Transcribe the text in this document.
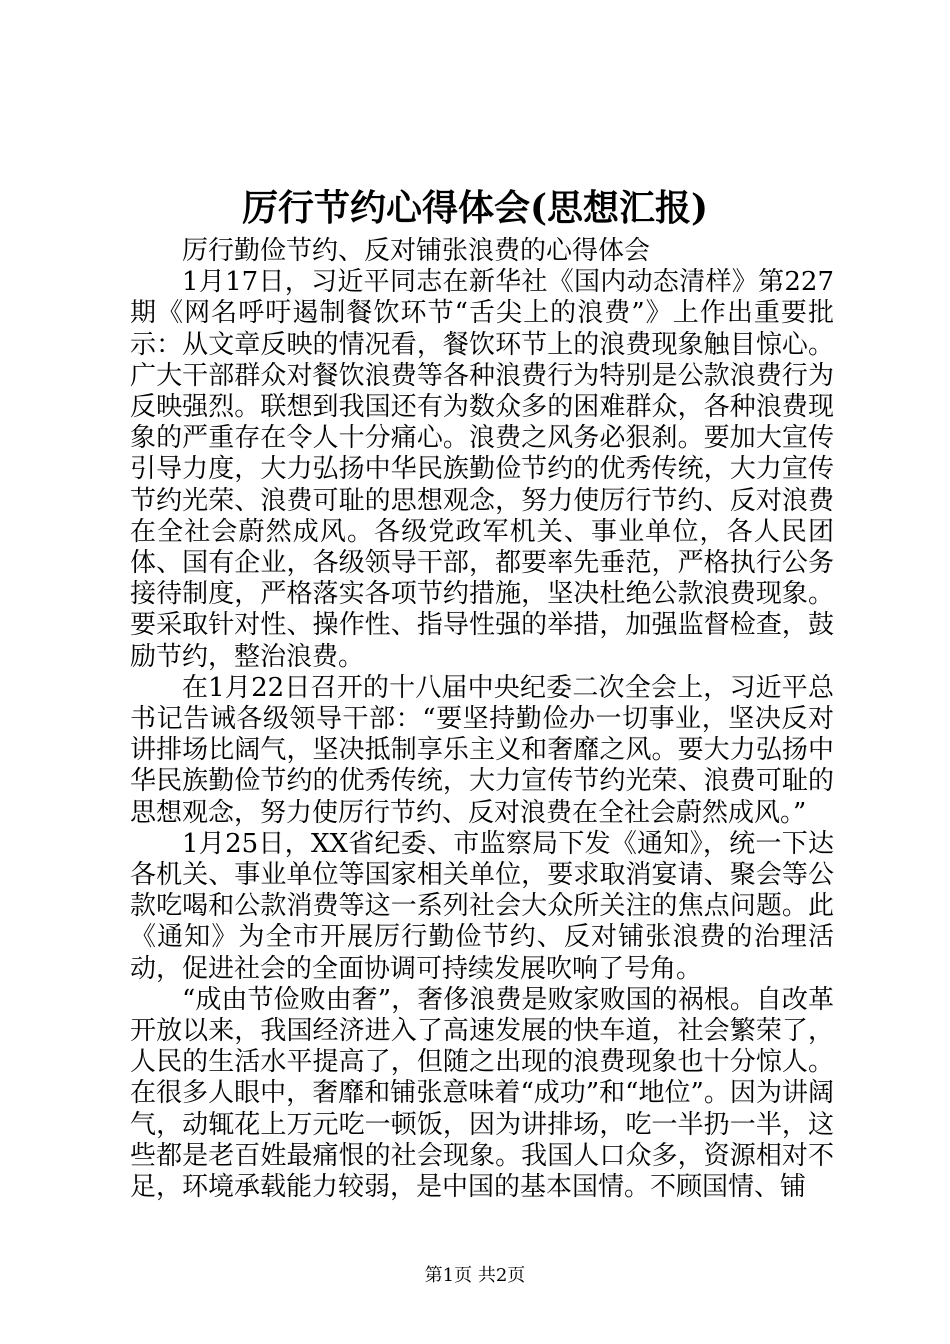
厉行节约心得体会(思想汇报)

厉行勤俭节约、反对铺张浪费的心得体会

1月17日，习近平同志在新华社《国内动态清样》第227期《网名呼吁遏制餐饮环节“舌尖上的浪费”》上作出重要批示：从文章反映的情况看，餐饮环节上的浪费现象触目惊心。广大干部群众对餐饮浪费等各种浪费行为特别是公款浪费行为反映强烈。联想到我国还有为数众多的困难群众，各种浪费现象的严重存在令人十分痛心。浪费之风务必狠刹。要加大宣传引导力度，大力弘扬中华民族勤俭节约的优秀传统，大力宣传节约光荣、浪费可耻的思想观念，努力使厉行节约、反对浪费在全社会蔚然成风。各级党政军机关、事业单位，各人民团体、国有企业，各级领导干部，都要率先垂范，严格执行公务接待制度，严格落实各项节约措施，坚决杜绝公款浪费现象。要采取针对性、操作性、指导性强的举措，加强监督检查，鼓励节约，整治浪费。

在1月22日召开的十八届中央纪委二次全会上，习近平总书记告诫各级领导干部：“要坚持勤俭办一切事业，坚决反对讲排场比阔气，坚决抵制享乐主义和奢靡之风。要大力弘扬中华民族勤俭节约的优秀传统，大力宣传节约光荣、浪费可耻的思想观念，努力使厉行节约、反对浪费在全社会蔚然成风。”

1月25日，XX省纪委、市监察局下发《通知》，统一下达各机关、事业单位等国家相关单位，要求取消宴请、聚会等公款吃喝和公款消费等这一系列社会大众所关注的焦点问题。此《通知》为全市开展厉行勤俭节约、反对铺张浪费的治理活动，促进社会的全面协调可持续发展吹响了号角。

“成由节俭败由奢”，奢侈浪费是败家败国的祸根。自改革开放以来，我国经济进入了高速发展的快车道，社会繁荣了，人民的生活水平提高了，但随之出现的浪费现象也十分惊人。在很多人眼中，奢靡和铺张意味着“成功”和“地位”。因为讲阔气，动辄花上万元吃一顿饭，因为讲排场，吃一半扔一半，这些都是老百姓最痛恨的社会现象。我国人口众多，资源相对不足，环境承载能力较弱，是中国的基本国情。不顾国情、铺

第1页 共2页
